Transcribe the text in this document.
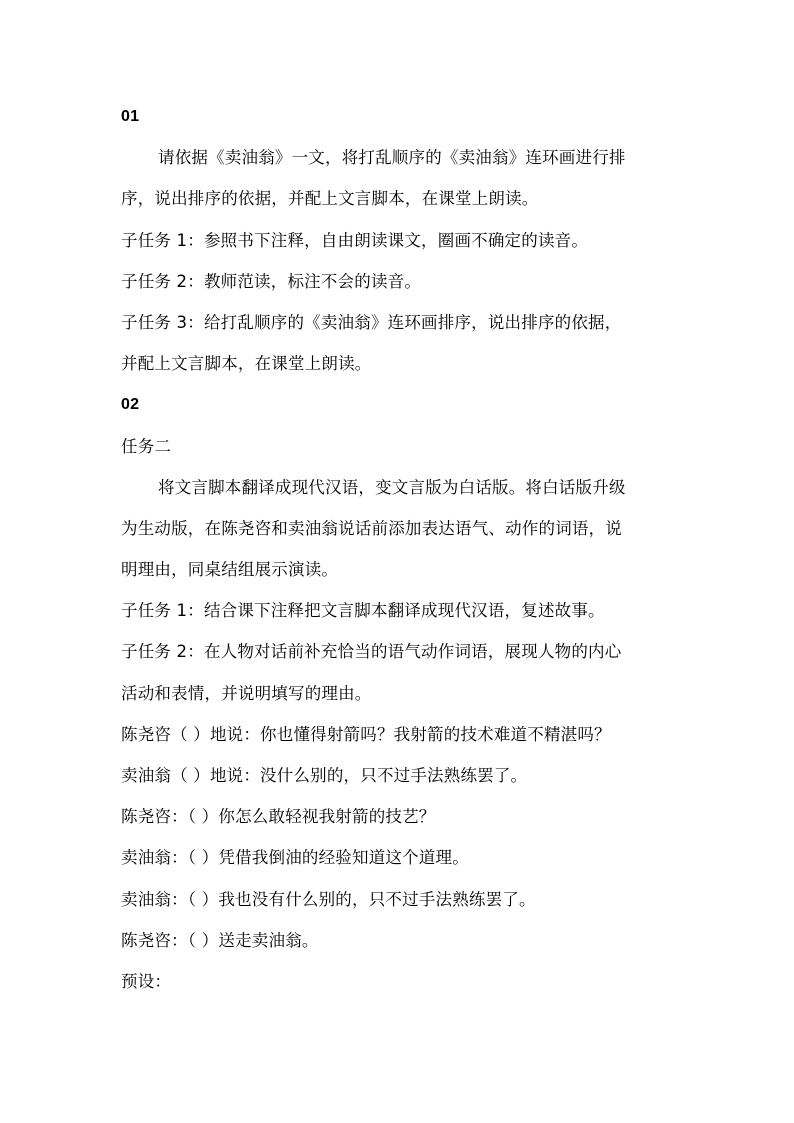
01
请依据《卖油翁》一文，将打乱顺序的《卖油翁》连环画进行排
序，说出排序的依据，并配上文言脚本，在课堂上朗读。
子任务 1：参照书下注释，自由朗读课文，圈画不确定的读音。
子任务 2：教师范读，标注不会的读音。
子任务 3：给打乱顺序的《卖油翁》连环画排序，说出排序的依据，
并配上文言脚本，在课堂上朗读。
02
任务二
将文言脚本翻译成现代汉语，变文言版为白话版。将白话版升级
为生动版，在陈尧咨和卖油翁说话前添加表达语气、动作的词语，说
明理由，同桌结组展示演读。
子任务 1：结合课下注释把文言脚本翻译成现代汉语，复述故事。
子任务 2：在人物对话前补充恰当的语气动作词语，展现人物的内心
活动和表情，并说明填写的理由。
陈尧咨（ ）地说：你也懂得射箭吗？我射箭的技术难道不精湛吗？
卖油翁（ ）地说：没什么别的，只不过手法熟练罢了。
陈尧咨：（ ）你怎么敢轻视我射箭的技艺？
卖油翁：（ ）凭借我倒油的经验知道这个道理。
卖油翁：（ ）我也没有什么别的，只不过手法熟练罢了。
陈尧咨：（ ）送走卖油翁。
预设：
